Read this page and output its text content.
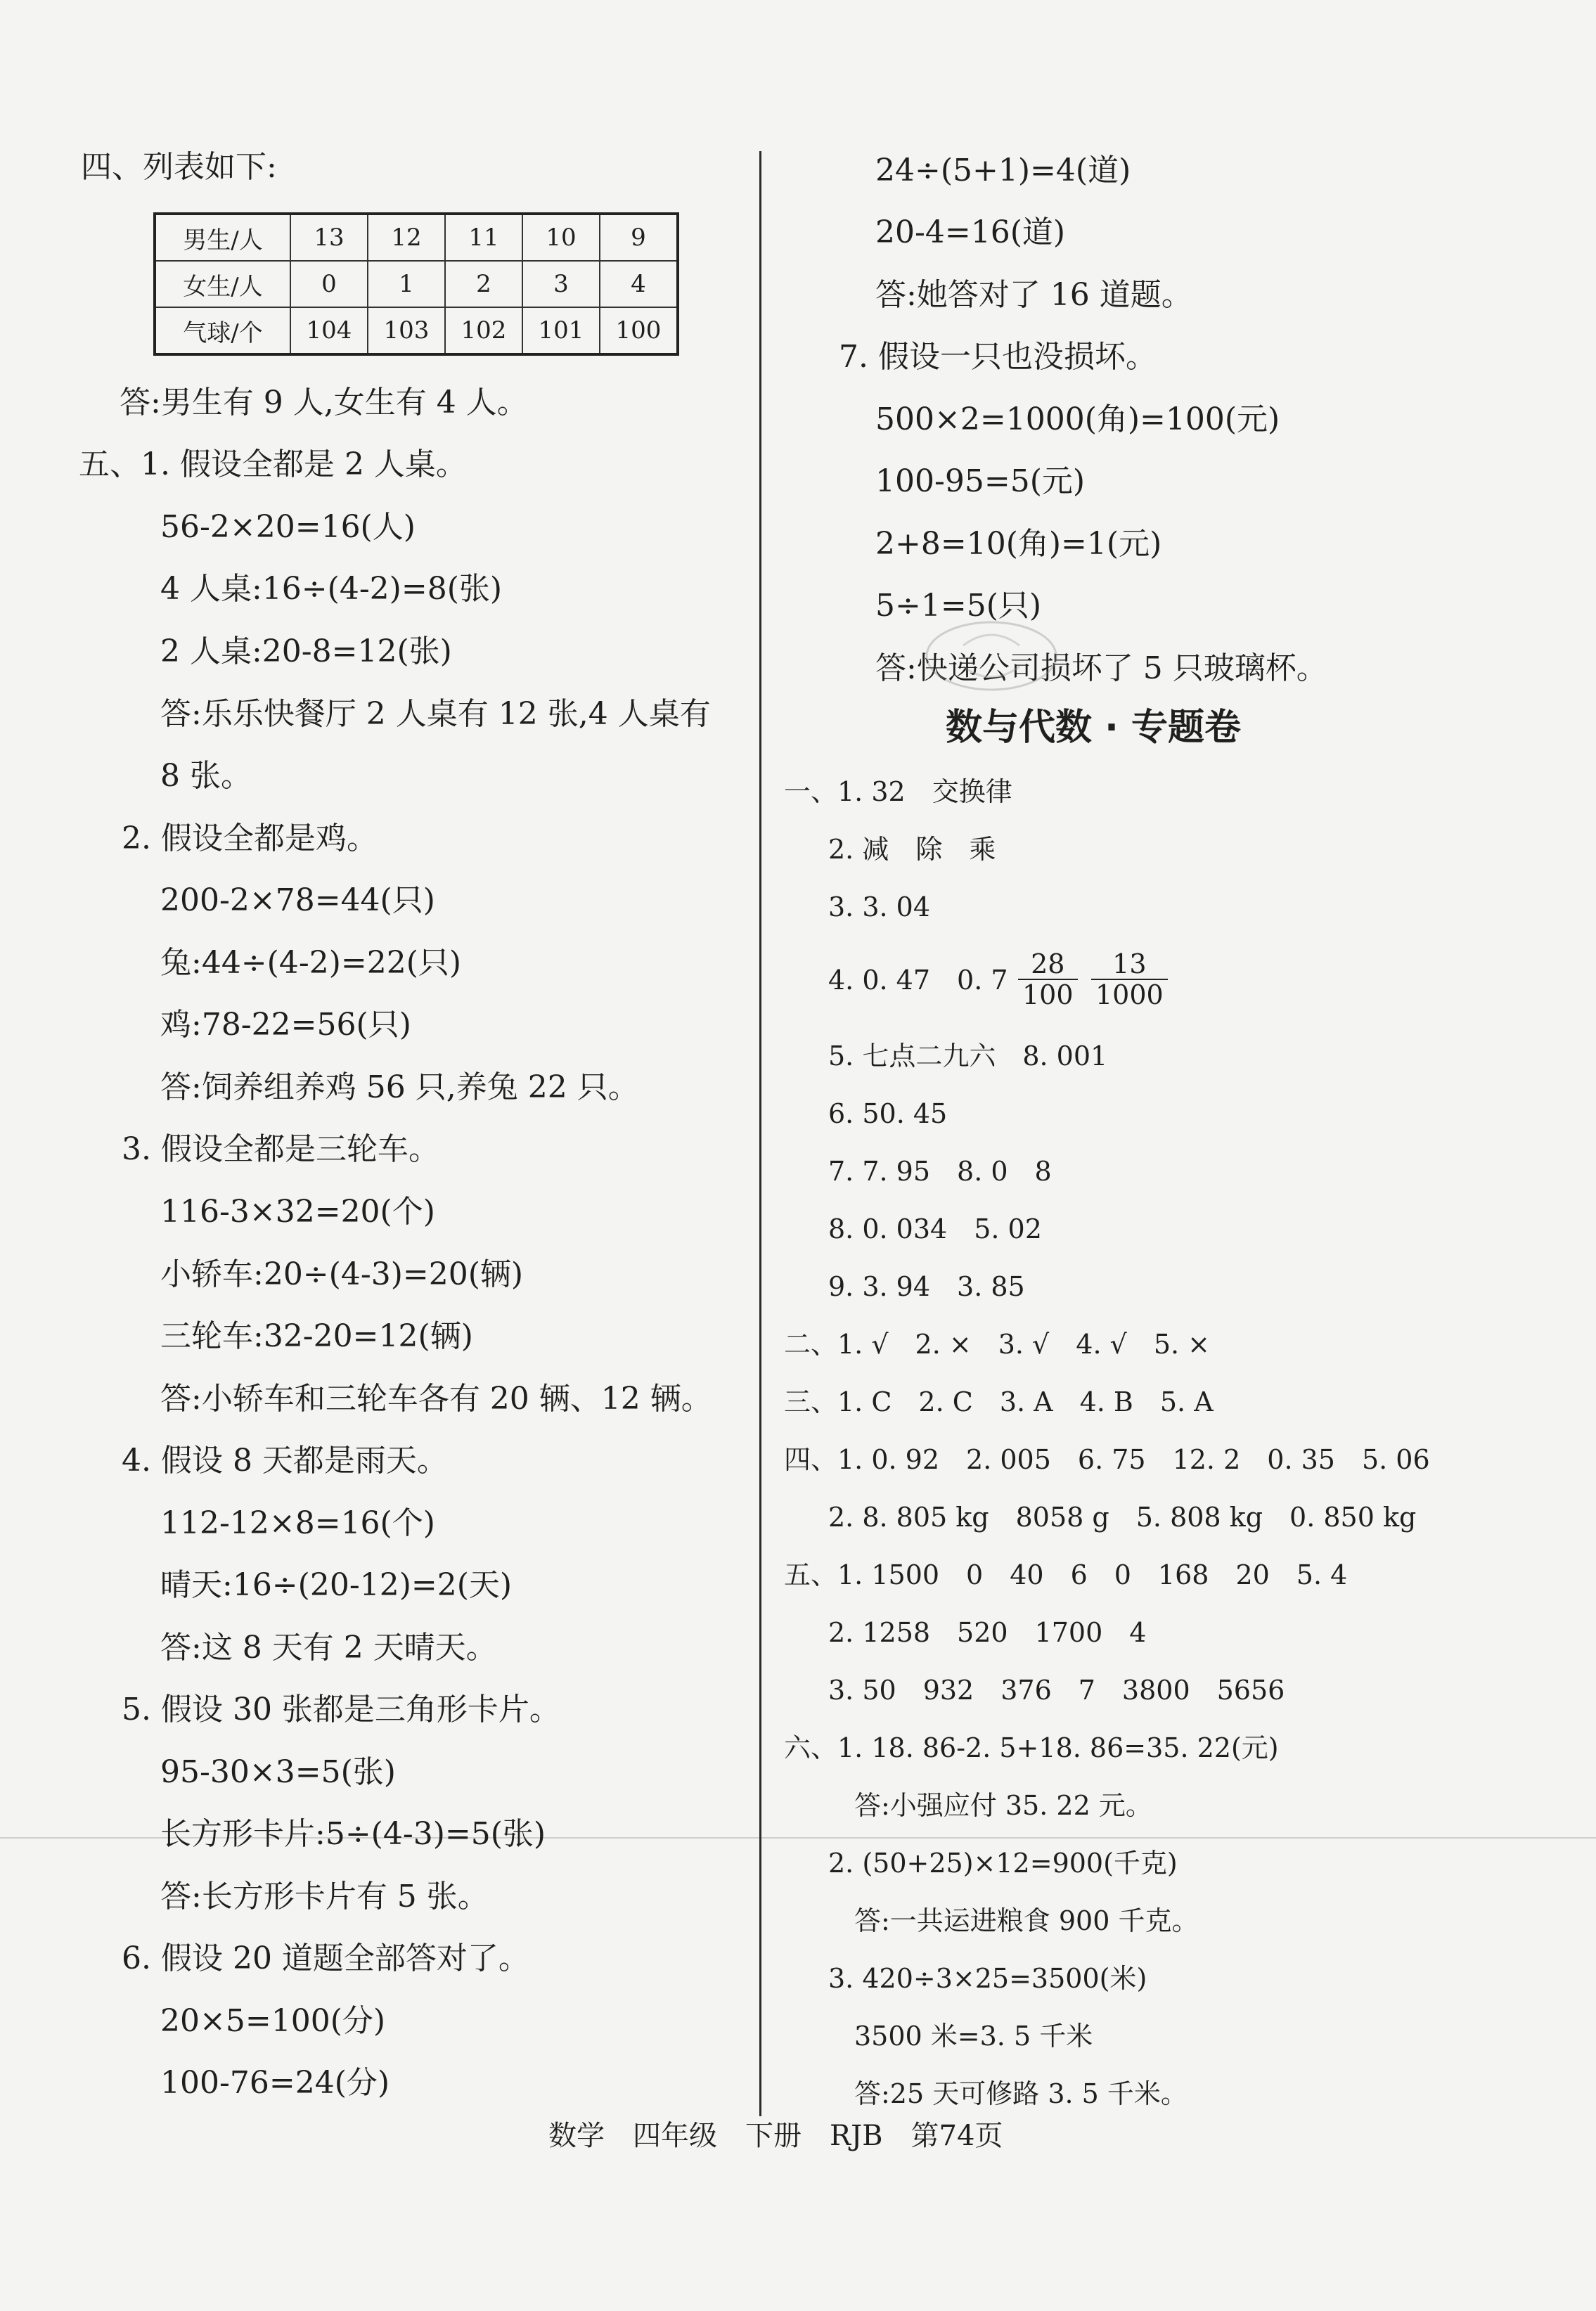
四、列表如下:
男生/人	13	12	11	10	9
女生/人	0	1	2	3	4
气球/个	104	103	102	101	100
答:男生有 9 人,女生有 4 人。
五、1. 假设全都是 2 人桌。
56-2×20=16(人)
4 人桌:16÷(4-2)=8(张)
2 人桌:20-8=12(张)
答:乐乐快餐厅 2 人桌有 12 张,4 人桌有
8 张。
2. 假设全都是鸡。
200-2×78=44(只)
兔:44÷(4-2)=22(只)
鸡:78-22=56(只)
答:饲养组养鸡 56 只,养兔 22 只。
3. 假设全都是三轮车。
116-3×32=20(个)
小轿车:20÷(4-3)=20(辆)
三轮车:32-20=12(辆)
答:小轿车和三轮车各有 20 辆、12 辆。
4. 假设 8 天都是雨天。
112-12×8=16(个)
晴天:16÷(20-12)=2(天)
答:这 8 天有 2 天晴天。
5. 假设 30 张都是三角形卡片。
95-30×3=5(张)
长方形卡片:5÷(4-3)=5(张)
答:长方形卡片有 5 张。
6. 假设 20 道题全部答对了。
20×5=100(分)
100-76=24(分)
24÷(5+1)=4(道)
20-4=16(道)
答:她答对了 16 道题。
7. 假设一只也没损坏。
500×2=1000(角)=100(元)
100-95=5(元)
2+8=10(角)=1(元)
5÷1=5(只)
答:快递公司损坏了 5 只玻璃杯。
数与代数 · 专题卷
一、1. 32　交换律
2. 减　除　乘
3. 3. 04
4. 0. 47　0. $7 \frac{28}{100} \frac{13}{1000}$
5. 七点二九六　8. 001
6. 50. 45
7. 7. 95　8. 0　8
8. 0. 034　5. 02
9. 3. 94　3. 85
二、1. √　2. ×　3. √　4. √　5. ×
三、1. C　2. C　3. A　4. B　5. A
四、1. 0. 92　2. 005　6. 75　12. 2　0. 35　5. 06
2. 8. 805 kg　8058 g　5. 808 kg　0. 850 kg
五、1. 1500　0　40　6　0　168　20　5. 4
2. 1258　520　1700　4
3. 50　932　376　7　3800　5656
六、1. 18. 86-2. 5+18. 86=35. 22(元)
答:小强应付 35. 22 元。
2. (50+25)×12=900(千克)
答:一共运进粮食 900 千克。
3. 420÷3×25=3500(米)
3500 米=3. 5 千米
答:25 天可修路 3. 5 千米。
数学　四年级　下册　RJB　第74页
